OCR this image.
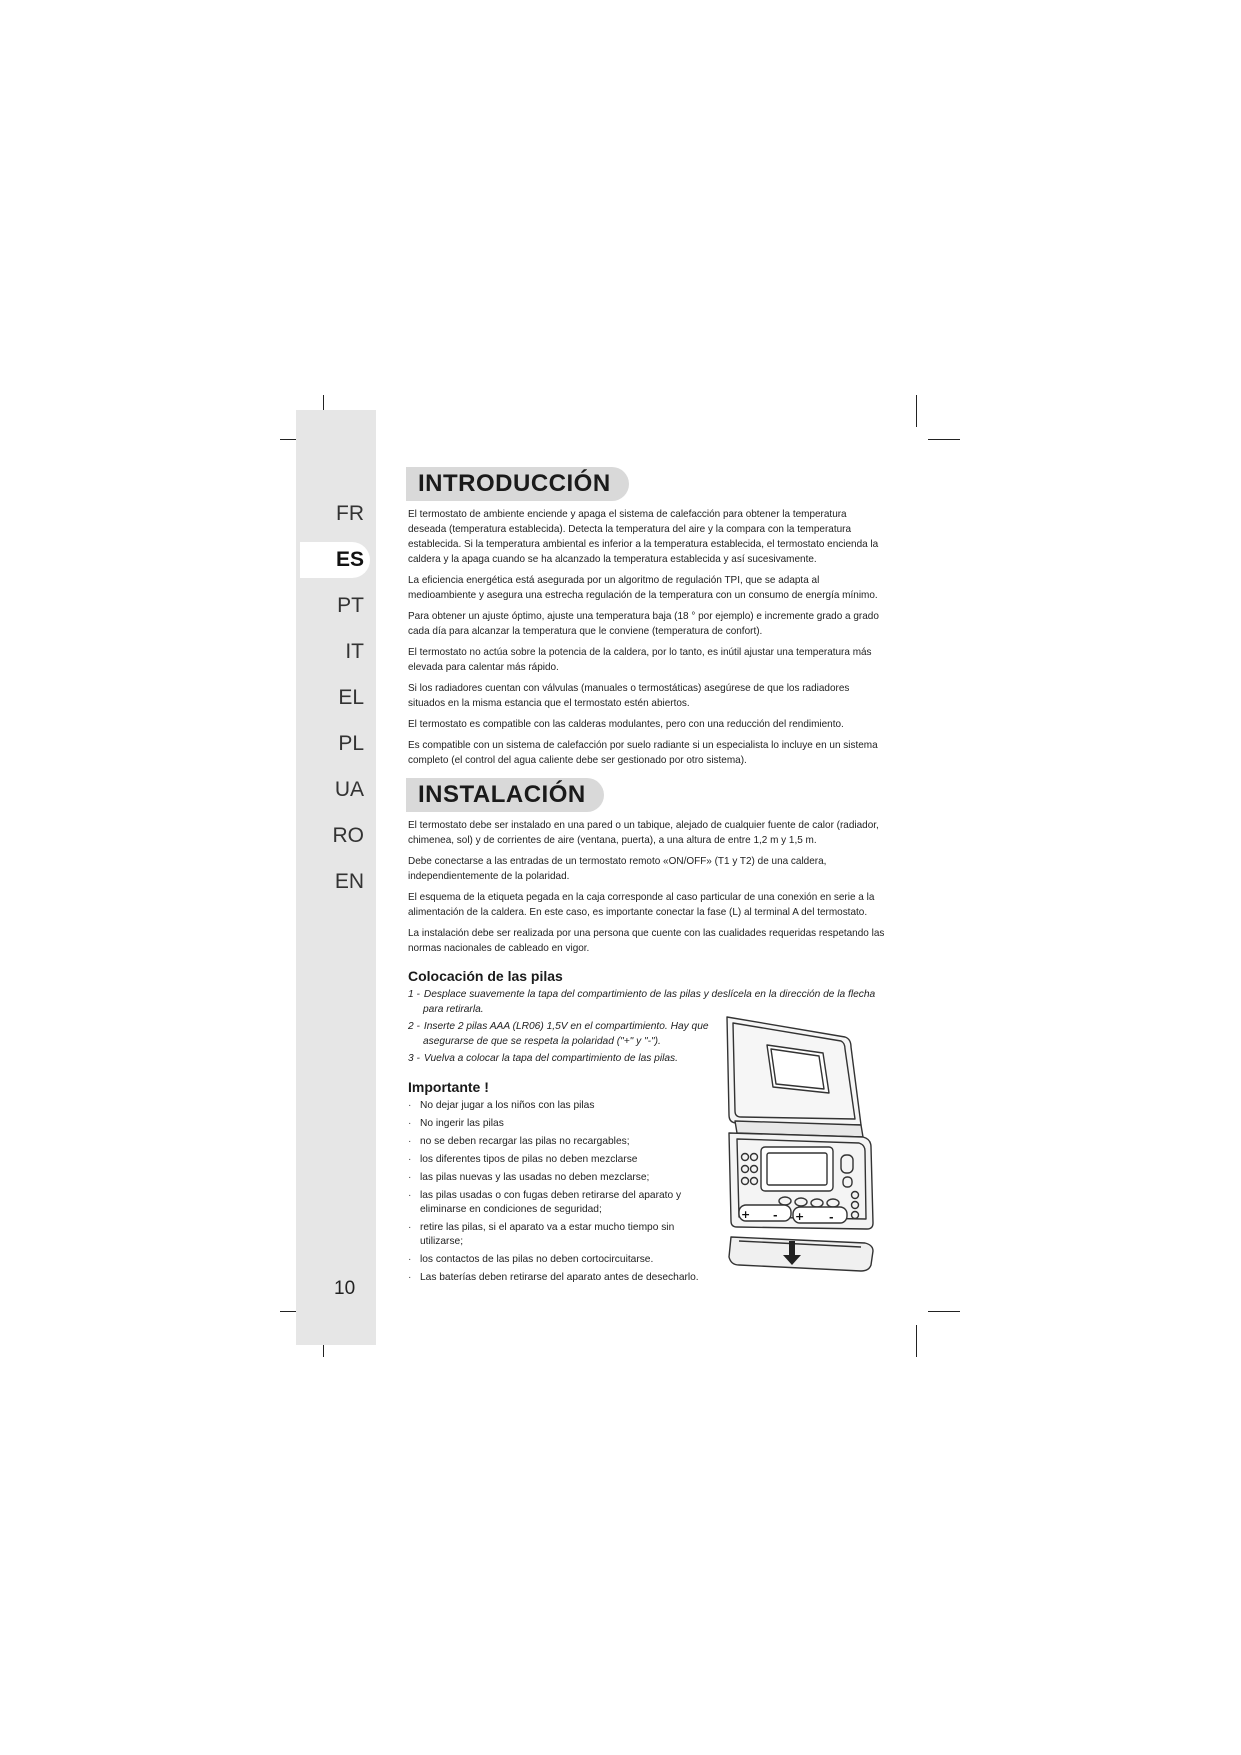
FR
ES
PT
IT
EL
PL
UA
RO
EN
10
INTRODUCCIÓN

El termostato de ambiente enciende y apaga el sistema de calefacción para obtener la temperatura deseada (temperatura establecida). Detecta la temperatura del aire y la compara con la temperatura establecida. Si la temperatura ambiental es inferior a la temperatura establecida, el termostato encienda la caldera y la apaga cuando se ha alcanzado la temperatura establecida y así sucesivamente.

La eficiencia energética está asegurada por un algoritmo de regulación TPI, que se adapta al medioambiente y asegura una estrecha regulación de la temperatura con un consumo de energía mínimo.

Para obtener un ajuste óptimo, ajuste una temperatura baja (18 ° por ejemplo) e incremente grado a grado cada día para alcanzar la temperatura que le conviene (temperatura de confort).

El termostato no actúa sobre la potencia de la caldera, por lo tanto, es inútil ajustar una temperatura más elevada para calentar más rápido.

Si los radiadores cuentan con válvulas (manuales o termostáticas) asegúrese de que los radiadores situados en la misma estancia que el termostato estén abiertos.

El termostato es compatible con las calderas modulantes, pero con una reducción del rendimiento.

Es compatible con un sistema de calefacción por suelo radiante si un especialista lo incluye en un sistema completo (el control del agua caliente debe ser gestionado por otro sistema).

INSTALACIÓN

El termostato debe ser instalado en una pared o un tabique, alejado de cualquier fuente de calor (radiador, chimenea, sol) y de corrientes de aire (ventana, puerta), a una altura de entre 1,2 m y 1,5 m.

Debe conectarse a las entradas de un termostato remoto «ON/OFF» (T1 y T2) de una caldera, independientemente de la polaridad.

El esquema de la etiqueta pegada en la caja corresponde al caso particular de una conexión en serie a la alimentación de la caldera. En este caso, es importante conectar la fase (L) al terminal A del termostato.

La instalación debe ser realizada por una persona que cuente con las cualidades requeridas respetando las normas nacionales de cableado en vigor.

Colocación de las pilas
1 - Desplace suavemente la tapa del compartimiento de las pilas y deslícela en la dirección de la flecha para retirarla.
2 - Inserte 2 pilas AAA (LR06) 1,5V en el compartimiento. Hay que asegurarse de que se respeta la polaridad ("+" y "-").
3 - Vuelva a colocar la tapa del compartimiento de las pilas.
Importante !
· No dejar jugar a los niños con las pilas
· No ingerir las pilas
· no se deben recargar las pilas no recargables;
· los diferentes tipos de pilas no deben mezclarse
· las pilas nuevas y las usadas no deben mezclarse;
· las pilas usadas o con fugas deben retirarse del aparato y eliminarse en condiciones de seguridad;
· retire las pilas, si el aparato va a estar mucho tiempo sin utilizarse;
· los contactos de las pilas no deben cortocircuitarse.
· Las baterías deben retirarse del aparato antes de desecharlo.
+ - + -
